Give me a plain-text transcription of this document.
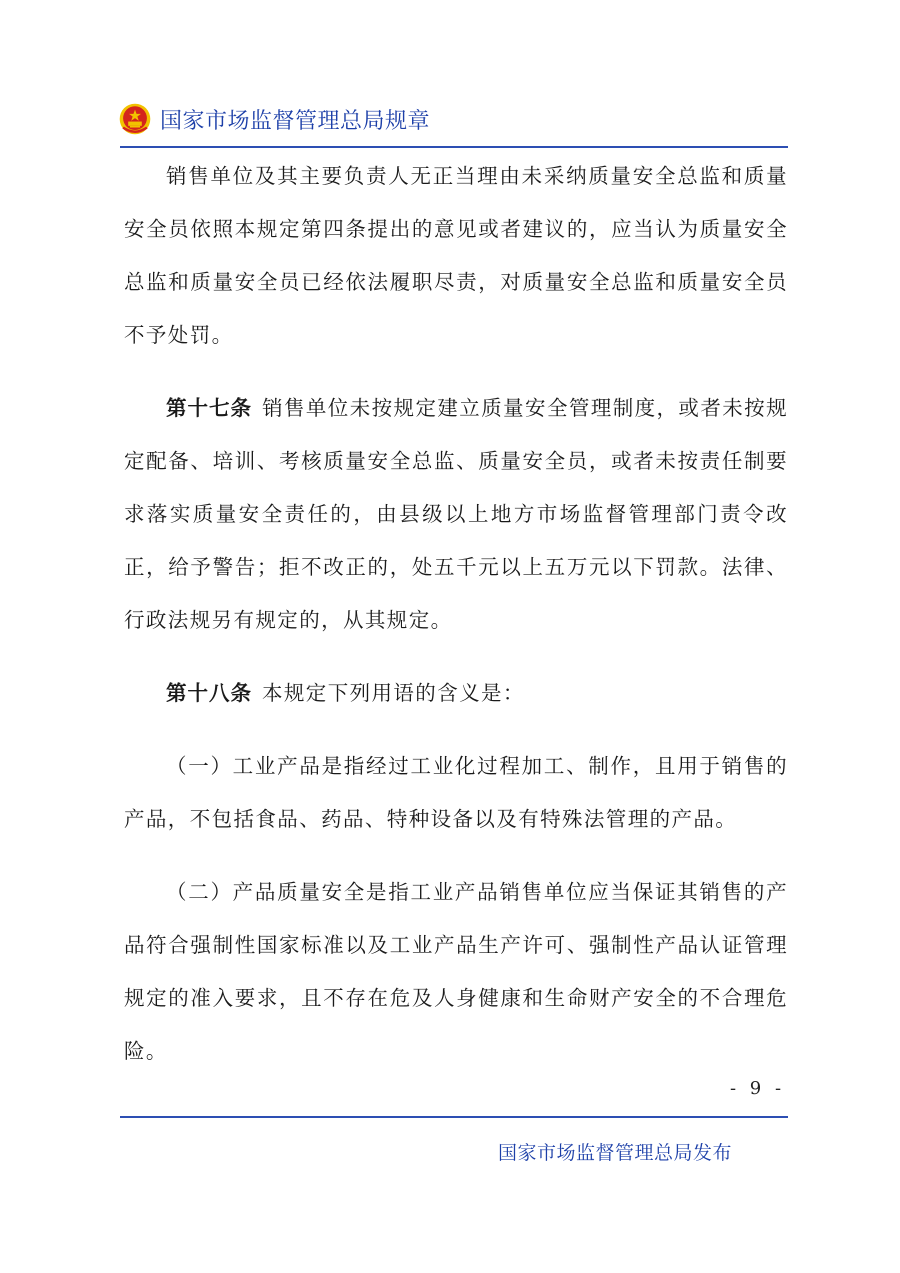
国家市场监督管理总局规章

销售单位及其主要负责人无正当理由未采纳质量安全总监和质量安全员依照本规定第四条提出的意见或者建议的，应当认为质量安全总监和质量安全员已经依法履职尽责，对质量安全总监和质量安全员不予处罚。

第十七条 销售单位未按规定建立质量安全管理制度，或者未按规定配备、培训、考核质量安全总监、质量安全员，或者未按责任制要求落实质量安全责任的，由县级以上地方市场监督管理部门责令改正，给予警告；拒不改正的，处五千元以上五万元以下罚款。法律、行政法规另有规定的，从其规定。

第十八条 本规定下列用语的含义是：

（一）工业产品是指经过工业化过程加工、制作，且用于销售的产品，不包括食品、药品、特种设备以及有特殊法管理的产品。

（二）产品质量安全是指工业产品销售单位应当保证其销售的产品符合强制性国家标准以及工业产品生产许可、强制性产品认证管理规定的准入要求，且不存在危及人身健康和生命财产安全的不合理危险。

- 9 -
国家市场监督管理总局发布
